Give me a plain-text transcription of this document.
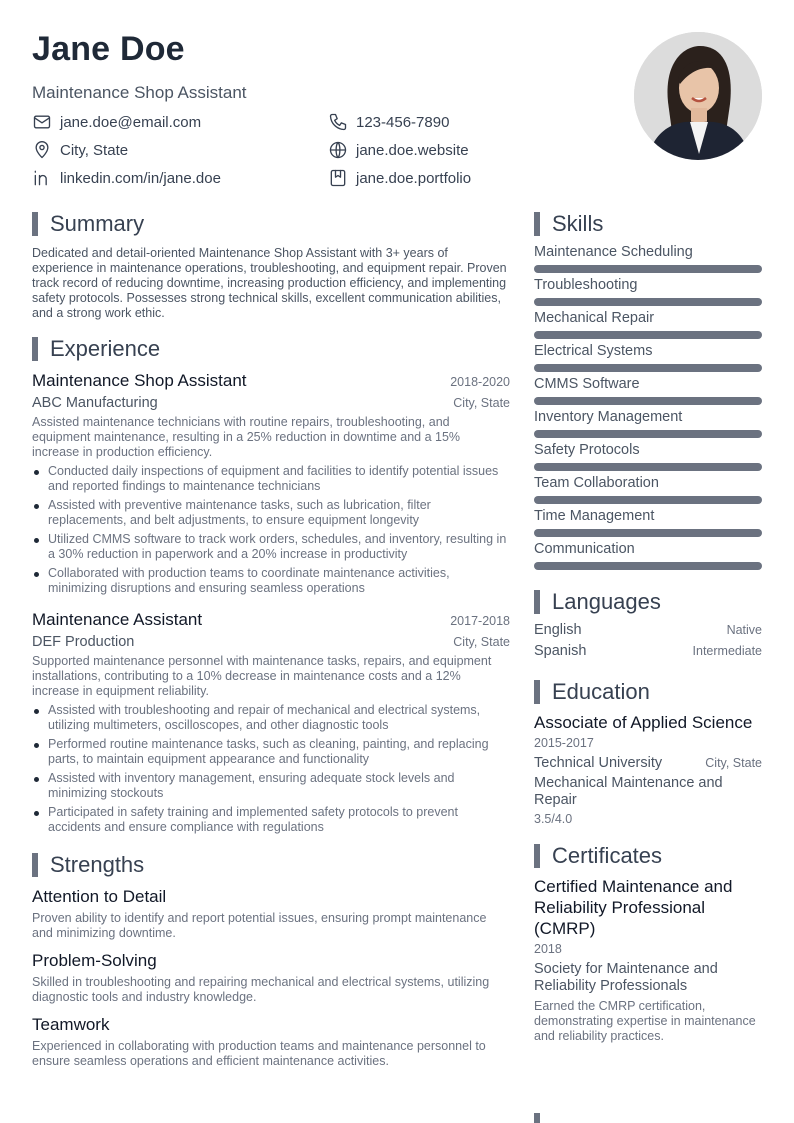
Jane Doe
Maintenance Shop Assistant
jane.doe@email.com	123-456-7890
City, State	jane.doe.website
linkedin.com/in/jane.doe	jane.doe.portfolio
Summary
Dedicated and detail-oriented Maintenance Shop Assistant with 3+ years of experience in maintenance operations, troubleshooting, and equipment repair. Proven track record of reducing downtime, increasing production efficiency, and implementing safety protocols. Possesses strong technical skills, excellent communication abilities, and a strong work ethic.
Experience
Maintenance Shop Assistant	2018-2020
ABC Manufacturing	City, State
Assisted maintenance technicians with routine repairs, troubleshooting, and equipment maintenance, resulting in a 25% reduction in downtime and a 15% increase in production efficiency.
Conducted daily inspections of equipment and facilities to identify potential issues and reported findings to maintenance technicians
Assisted with preventive maintenance tasks, such as lubrication, filter replacements, and belt adjustments, to ensure equipment longevity
Utilized CMMS software to track work orders, schedules, and inventory, resulting in a 30% reduction in paperwork and a 20% increase in productivity
Collaborated with production teams to coordinate maintenance activities, minimizing disruptions and ensuring seamless operations
Maintenance Assistant	2017-2018
DEF Production	City, State
Supported maintenance personnel with maintenance tasks, repairs, and equipment installations, contributing to a 10% decrease in maintenance costs and a 12% increase in equipment reliability.
Assisted with troubleshooting and repair of mechanical and electrical systems, utilizing multimeters, oscilloscopes, and other diagnostic tools
Performed routine maintenance tasks, such as cleaning, painting, and replacing parts, to maintain equipment appearance and functionality
Assisted with inventory management, ensuring adequate stock levels and minimizing stockouts
Participated in safety training and implemented safety protocols to prevent accidents and ensure compliance with regulations
Strengths
Attention to Detail
Proven ability to identify and report potential issues, ensuring prompt maintenance and minimizing downtime.
Problem-Solving
Skilled in troubleshooting and repairing mechanical and electrical systems, utilizing diagnostic tools and industry knowledge.
Teamwork
Experienced in collaborating with production teams and maintenance personnel to ensure seamless operations and efficient maintenance activities.
Skills
Maintenance Scheduling
Troubleshooting
Mechanical Repair
Electrical Systems
CMMS Software
Inventory Management
Safety Protocols
Team Collaboration
Time Management
Communication
Languages
English	Native
Spanish	Intermediate
Education
Associate of Applied Science
2015-2017
Technical University	City, State
Mechanical Maintenance and Repair
3.5/4.0
Certificates
Certified Maintenance and Reliability Professional (CMRP)
2018
Society for Maintenance and Reliability Professionals
Earned the CMRP certification, demonstrating expertise in maintenance and reliability practices.
